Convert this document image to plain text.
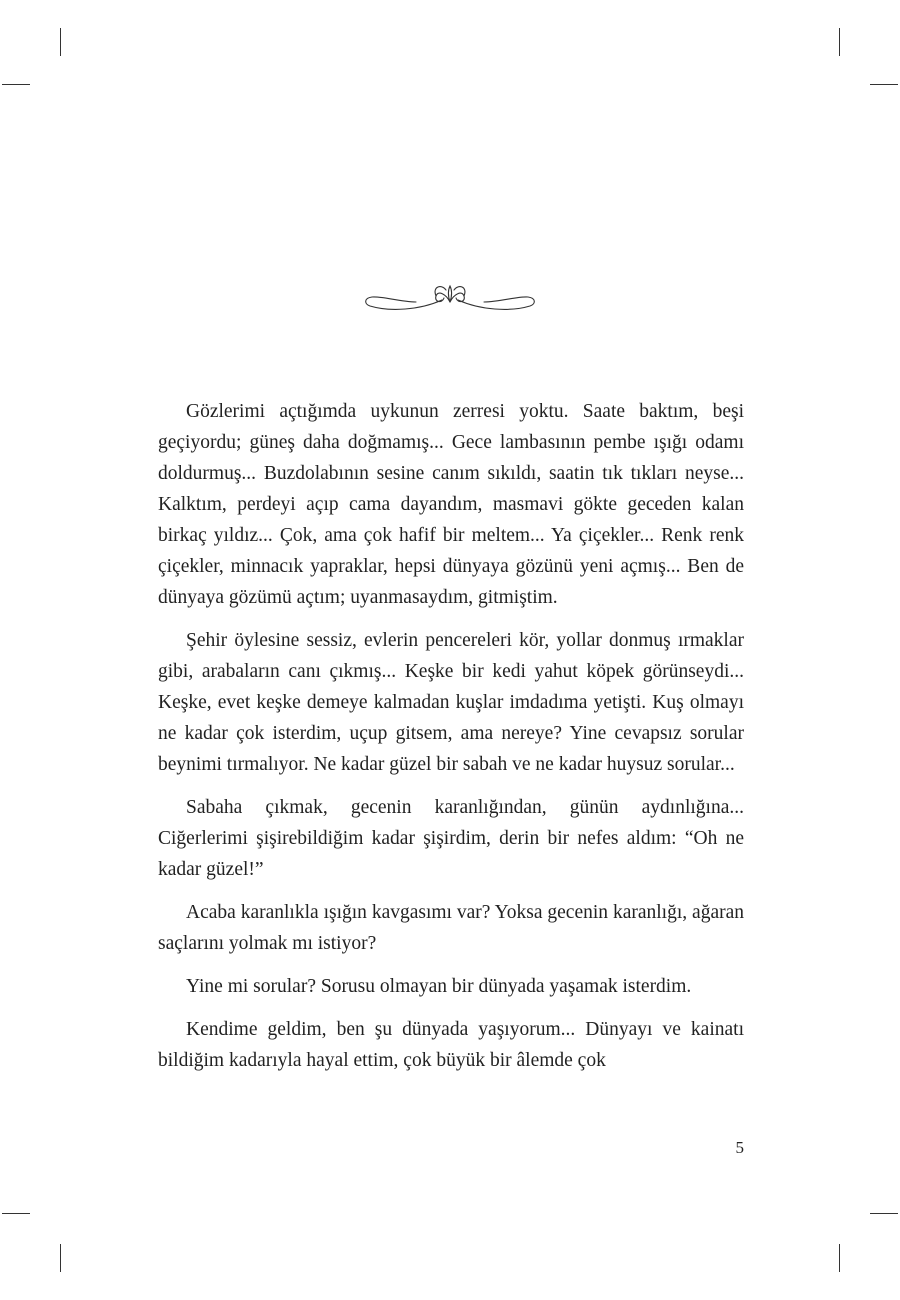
Gözlerimi açtığımda uykunun zerresi yoktu. Saate baktım, beşi geçiyordu; güneş daha doğmamış... Gece lambasının pembe ışığı odamı doldurmuş... Buzdolabının sesine canım sıkıldı, saatin tık tıkları neyse... Kalktım, perdeyi açıp cama dayandım, masmavi gökte geceden kalan birkaç yıldız... Çok, ama çok hafif bir meltem... Ya çiçekler... Renk renk çiçekler, minnacık yapraklar, hepsi dünyaya gözünü yeni açmış... Ben de dünyaya gözümü açtım; uyanmasaydım, gitmiştim.

Şehir öylesine sessiz, evlerin pencereleri kör, yollar donmuş ırmaklar gibi, arabaların canı çıkmış... Keşke bir kedi yahut köpek görünseydi... Keşke, evet keşke demeye kalmadan kuşlar imdadıma yetişti. Kuş olmayı ne kadar çok isterdim, uçup gitsem, ama nereye? Yine cevapsız sorular beynimi tırmalıyor. Ne kadar güzel bir sabah ve ne kadar huysuz sorular...

Sabaha çıkmak, gecenin karanlığından, günün aydınlığına... Ciğerlerimi şişirebildiğim kadar şişirdim, derin bir nefes aldım: “Oh ne kadar güzel!”

Acaba karanlıkla ışığın kavgasımı var? Yoksa gecenin karanlığı, ağaran saçlarını yolmak mı istiyor?

Yine mi sorular? Sorusu olmayan bir dünyada yaşamak isterdim.

Kendime geldim, ben şu dünyada yaşıyorum... Dünyayı ve kainatı bildiğim kadarıyla hayal ettim, çok büyük bir âlemde çok

5
